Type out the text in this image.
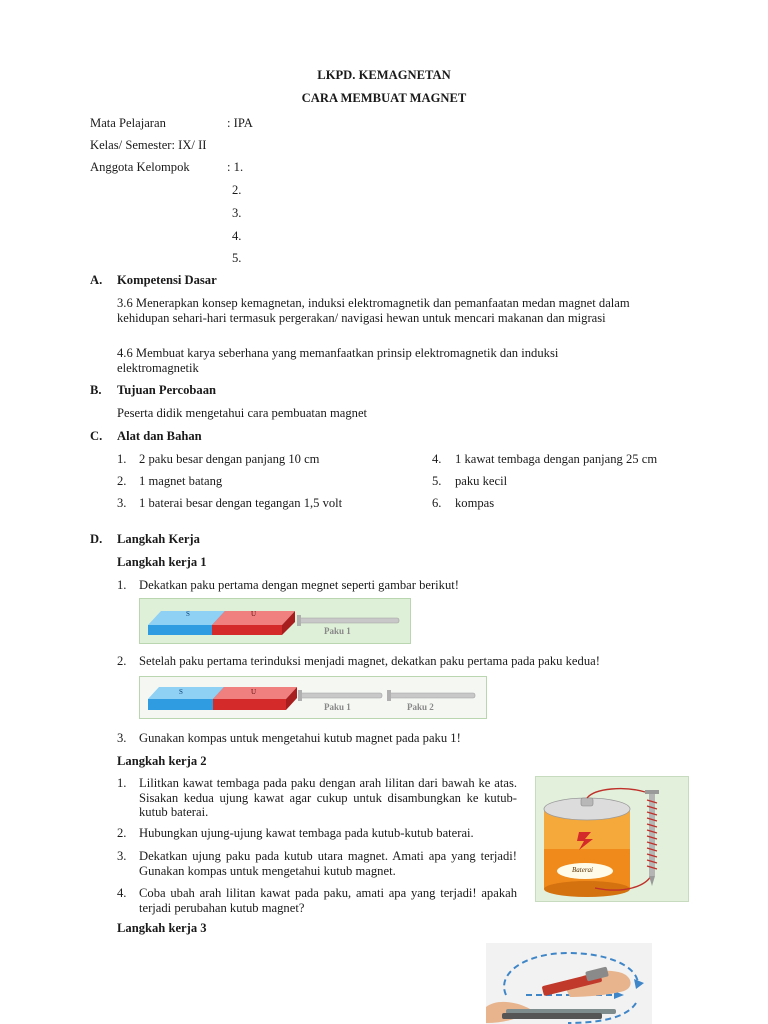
LKPD. KEMAGNETAN
CARA MEMBUAT MAGNET
Mata Pelajaran	: IPA
Kelas/ Semester: IX/ II
Anggota Kelompok	: 1.
2.
3.
4.
5.
A. Kompetensi Dasar
3.6 Menerapkan konsep kemagnetan, induksi elektromagnetik dan pemanfaatan medan magnet dalam kehidupan sehari-hari termasuk pergerakan/ navigasi hewan untuk mencari makanan dan migrasi
4.6 Membuat karya seberhana yang memanfaatkan prinsip elektromagnetik dan induksi elektromagnetik
B. Tujuan Percobaan
Peserta didik mengetahui cara pembuatan magnet
C. Alat dan Bahan
1. 2 paku besar dengan panjang 10 cm
2. 1 magnet batang
3. 1 baterai besar dengan tegangan 1,5 volt
4. 1 kawat tembaga dengan panjang 25 cm
5. paku kecil
6. kompas
D. Langkah Kerja
Langkah kerja 1
1. Dekatkan paku pertama dengan megnet seperti gambar berikut!
S	U
Paku 1
2. Setelah paku pertama terinduksi menjadi magnet, dekatkan paku pertama pada paku kedua!
S	U
Paku 1	Paku 2
3. Gunakan kompas untuk mengetahui kutub magnet pada paku 1!
Langkah kerja 2
1. Lilitkan kawat tembaga pada paku dengan arah lilitan dari bawah ke atas. Sisakan kedua ujung kawat agar cukup untuk disambungkan ke kutub-kutub baterai.
2. Hubungkan ujung-ujung kawat tembaga pada kutub-kutub baterai.
3. Dekatkan ujung paku pada kutub utara magnet. Amati apa yang terjadi! Gunakan kompas untuk mengetahui kutub magnet.
4. Coba ubah arah lilitan kawat pada paku, amati apa yang terjadi! apakah terjadi perubahan kutub magnet?
Baterai
Langkah kerja 3
